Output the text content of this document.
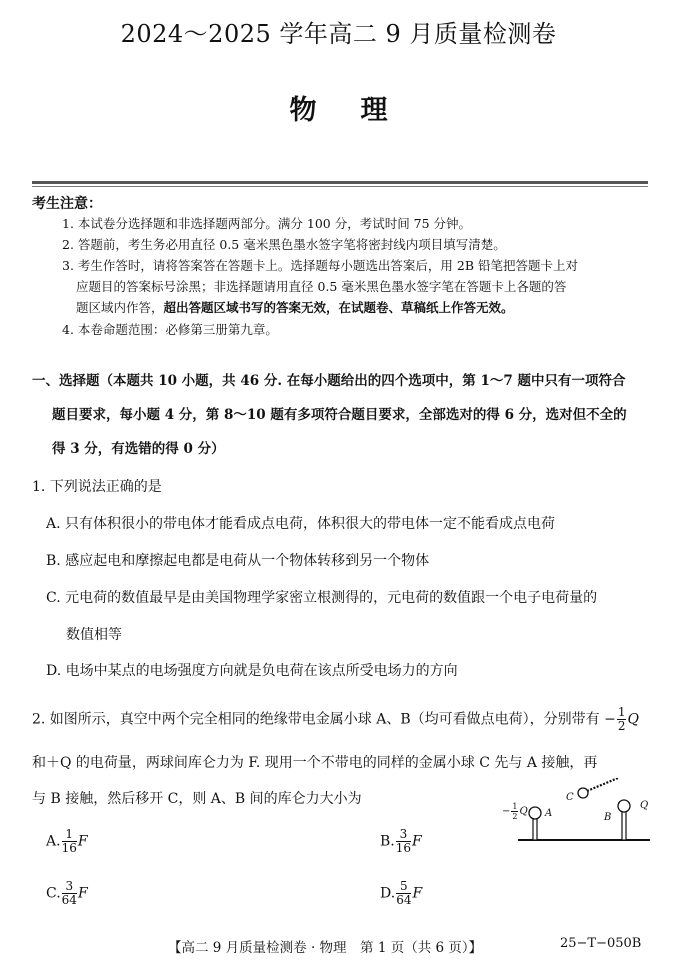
2024～2025 学年高二 9 月质量检测卷
物理
考生注意：
1. 本试卷分选择题和非选择题两部分。满分 100 分，考试时间 75 分钟。
2. 答题前，考生务必用直径 0.5 毫米黑色墨水签字笔将密封线内项目填写清楚。
3. 考生作答时，请将答案答在答题卡上。选择题每小题选出答案后，用 2B 铅笔把答题卡上对
应题目的答案标号涂黑；非选择题请用直径 0.5 毫米黑色墨水签字笔在答题卡上各题的答
题区域内作答，超出答题区域书写的答案无效，在试题卷、草稿纸上作答无效。
4. 本卷命题范围：必修第三册第九章。
一、选择题（本题共 10 小题，共 46 分. 在每小题给出的四个选项中，第 1～7 题中只有一项符合
题目要求，每小题 4 分，第 8～10 题有多项符合题目要求，全部选对的得 6 分，选对但不全的
得 3 分，有选错的得 0 分）
1. 下列说法正确的是
A. 只有体积很小的带电体才能看成点电荷，体积很大的带电体一定不能看成点电荷
B. 感应起电和摩擦起电都是电荷从一个物体转移到另一个物体
C. 元电荷的数值最早是由美国物理学家密立根测得的，元电荷的数值跟一个电子电荷量的
数值相等
D. 电场中某点的电场强度方向就是负电荷在该点所受电场力的方向
2. 如图所示，真空中两个完全相同的绝缘带电金属小球 A、B（均可看做点电荷），分别带有 − $\frac{1}{2}$ Q
和＋Q 的电荷量，两球间库仑力为 F. 现用一个不带电的同样的金属小球 C 先与 A 接触，再
与 B 接触，然后移开 C，则 A、B 间的库仑力大小为
A. $\frac{1}{16}$ F	B. $\frac{3}{16}$ F
C. $\frac{3}{64}$ F	D. $\frac{5}{64}$ F
C
A	B
Q
− $\frac{1}{2}$ Q
【高二 9 月质量检测卷 · 物理　第 1 页（共 6 页）】	25−T−050B
